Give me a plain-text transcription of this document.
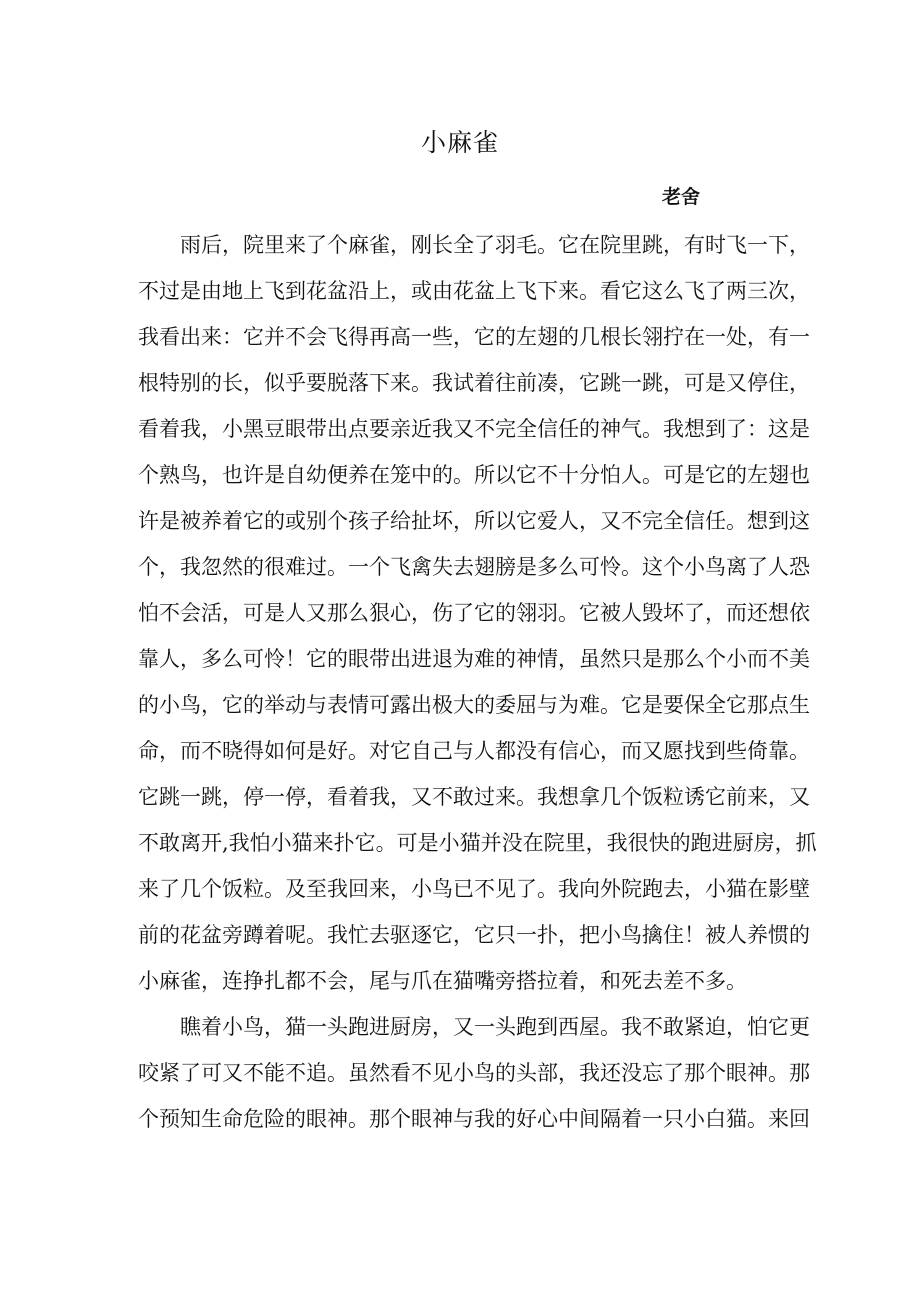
小麻雀
老舍
雨后，院里来了个麻雀，刚长全了羽毛。它在院里跳，有时飞一下，
不过是由地上飞到花盆沿上，或由花盆上飞下来。看它这么飞了两三次，
我看出来：它并不会飞得再高一些，它的左翅的几根长翎拧在一处，有一
根特别的长，似乎要脱落下来。我试着往前凑，它跳一跳，可是又停住，
看着我，小黑豆眼带出点要亲近我又不完全信任的神气。我想到了：这是
个熟鸟，也许是自幼便养在笼中的。所以它不十分怕人。可是它的左翅也
许是被养着它的或别个孩子给扯坏，所以它爱人，又不完全信任。想到这
个，我忽然的很难过。一个飞禽失去翅膀是多么可怜。这个小鸟离了人恐
怕不会活，可是人又那么狠心，伤了它的翎羽。它被人毁坏了，而还想依
靠人，多么可怜！它的眼带出进退为难的神情，虽然只是那么个小而不美
的小鸟，它的举动与表情可露出极大的委屈与为难。它是要保全它那点生
命，而不晓得如何是好。对它自己与人都没有信心，而又愿找到些倚靠。
它跳一跳，停一停，看着我，又不敢过来。我想拿几个饭粒诱它前来，又
不敢离开,我怕小猫来扑它。可是小猫并没在院里，我很快的跑进厨房，抓
来了几个饭粒。及至我回来，小鸟已不见了。我向外院跑去，小猫在影壁
前的花盆旁蹲着呢。我忙去驱逐它，它只一扑，把小鸟擒住！被人养惯的
小麻雀，连挣扎都不会，尾与爪在猫嘴旁搭拉着，和死去差不多。
瞧着小鸟，猫一头跑进厨房，又一头跑到西屋。我不敢紧迫，怕它更
咬紧了可又不能不追。虽然看不见小鸟的头部，我还没忘了那个眼神。那
个预知生命危险的眼神。那个眼神与我的好心中间隔着一只小白猫。来回
